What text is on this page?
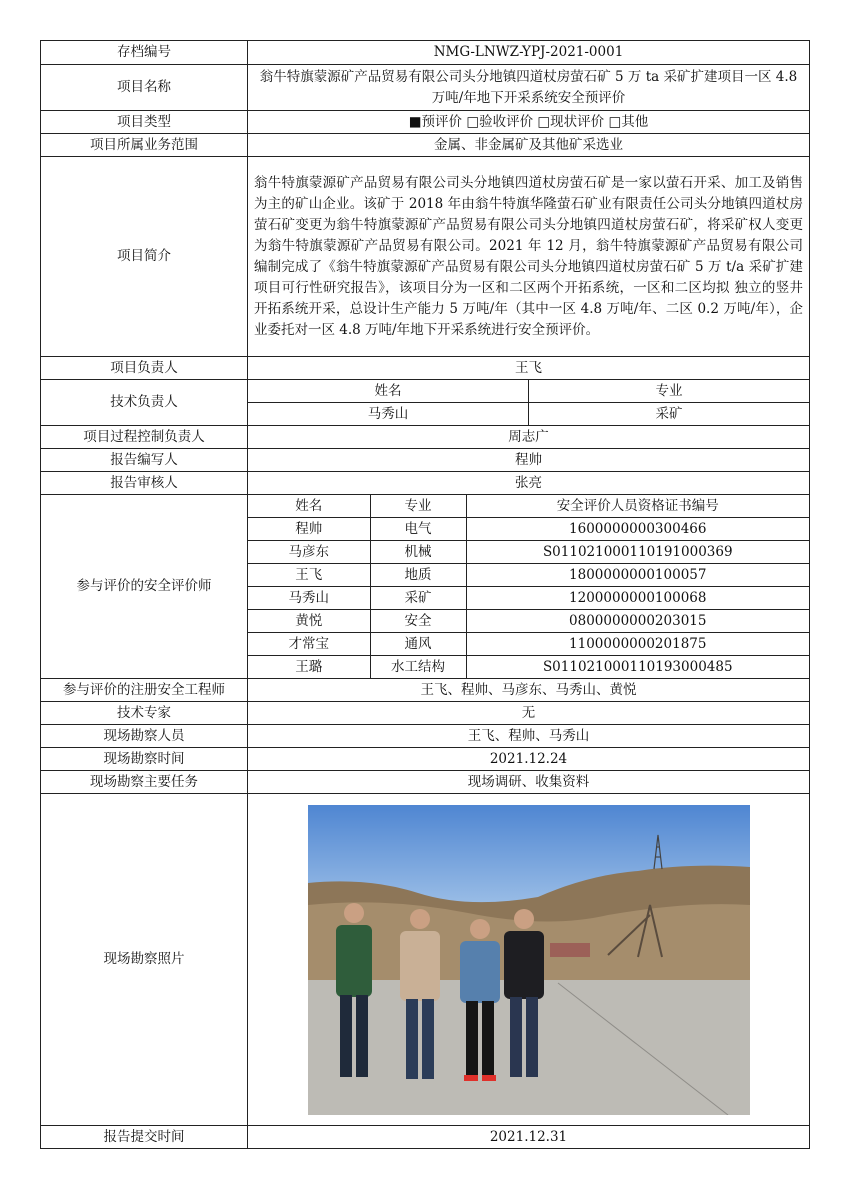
存档编号	NMG-LNWZ-YPJ-2021-0001
项目名称	翁牛特旗蒙源矿产品贸易有限公司头分地镇四道杖房萤石矿 5 万 ta 采矿扩建项目一区 4.8 万吨/年地下开采系统安全预评价
项目类型	■预评价 □验收评价 □现状评价 □其他
项目所属业务范围	金属、非金属矿及其他矿采选业
项目简介	翁牛特旗蒙源矿产品贸易有限公司头分地镇四道杖房萤石矿是一家以萤石开采、加工及销售为主的矿山企业。该矿于 2018 年由翁牛特旗华隆萤石矿业有限责任公司头分地镇四道杖房萤石矿变更为翁牛特旗蒙源矿产品贸易有限公司头分地镇四道杖房萤石矿，将采矿权人变更为翁牛特旗蒙源矿产品贸易有限公司。2021 年 12 月，翁牛特旗蒙源矿产品贸易有限公司编制完成了《翁牛特旗蒙源矿产品贸易有限公司头分地镇四道杖房萤石矿 5 万 t/a 采矿扩建项目可行性研究报告》，该项目分为一区和二区两个开拓系统，一区和二区均拟 独立的竖井开拓系统开采，总设计生产能力 5 万吨/年（其中一区 4.8 万吨/年、二区 0.2 万吨/年），企业委托对一区 4.8 万吨/年地下开采系统进行安全预评价。
项目负责人	王飞
技术负责人	
姓名	专业
马秀山	采矿

项目过程控制负责人	周志广
报告编写人	程帅
报告审核人	张亮
参与评价的安全评价师	
姓名	专业	安全评价人员资格证书编号
程帅	电气	1600000000300466
马彦东	机械	S011021000110191000369
王飞	地质	1800000000100057
马秀山	采矿	1200000000100068
黄悦	安全	0800000000203015
才常宝	通风	1100000000201875
王璐	水工结构	S011021000110193000485

参与评价的注册安全工程师	王飞、程帅、马彦东、马秀山、黄悦
技术专家	无
现场勘察人员	王飞、程帅、马秀山
现场勘察时间	2021.12.24
现场勘察主要任务	现场调研、收集资料
现场勘察照片	

报告提交时间	2021.12.31
